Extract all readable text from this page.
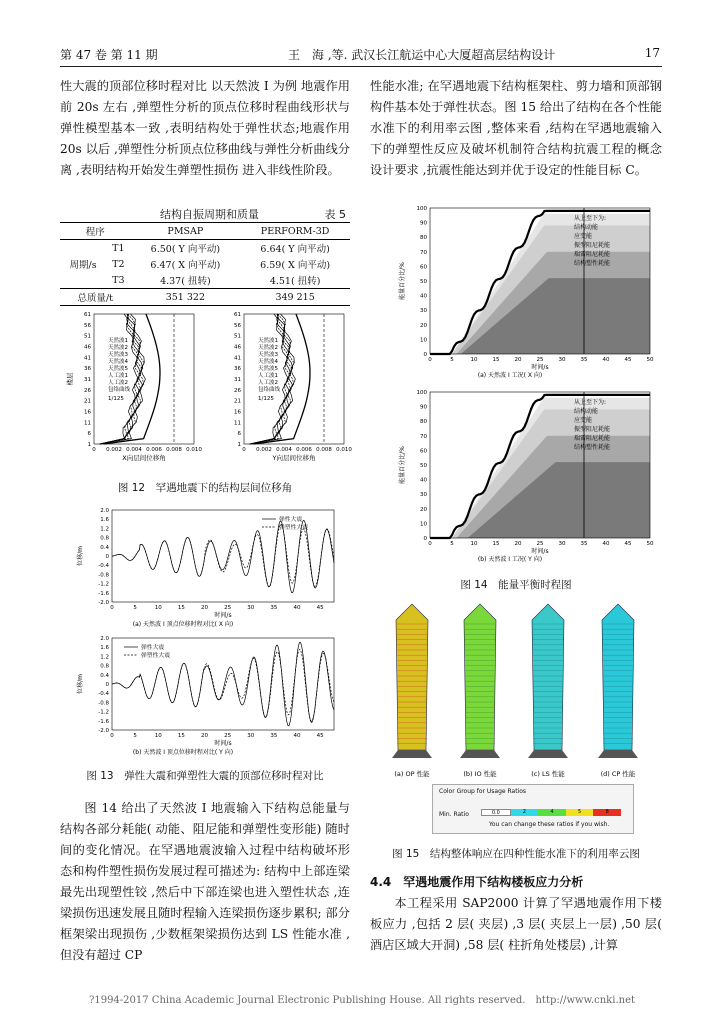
第 47 卷 第 11 期	王　海 ,等. 武汉长江航运中心大厦超高层结构设计	17

性大震的顶部位移时程对比 以天然波 I 为例 地震作用前 20s 左右 ,弹塑性分析的顶点位移时程曲线形状与弹性模型基本一致 ,表明结构处于弹性状态;地震作用 20s 以后 ,弹塑性分析顶点位移曲线与弹性分析曲线分离 ,表明结构开始发生弹塑性损伤 进入非线性阶段。

结构自振周期和质量	表 5
程序		PMSAP	PERFORM-3D
周期/s	T1	6.50( Y 向平动)	6.64( Y 向平动)
	T2	6.47( X 向平动)	6.59( X 向平动)
	T3	4.37( 扭转)	4.51( 扭转)
总质量/t		351 322	349 215
61
56
51
46
41
36
31
26
21
16
11
6
1
0 0.002 0.004 0.006 0.008 0.010
X向层间位移角
楼层
天然波1
天然波2
天然波3
天然波4
天然波5
人工波1
人工波2
包络曲线
1/125
61
56
51
46
41
36
31
26
21
16
11
6
1
0 0.002 0.004 0.006 0.008 0.010
Y向层间位移角
天然波1
天然波2
天然波3
天然波4
天然波5
人工波1
人工波2
包络曲线
1/125
图 12　罕遇地震下的结构层间位移角
2.0
1.6
1.2
0.8
0.4
0
-0.4
-0.8
-1.2
-1.6
-2.0
0	5	10	15	20	25	30	35	40	45
时间/s
位移/m
(a) 天然波 I 顶点位移时程对比( X 向)
弹性大震
弹塑性大震
2.0
1.6
1.2
0.8
0.4
0
-0.4
-0.8
-1.2
-1.6
-2.0
0	5	10	15	20	25	30	35	40	45
时间/s
位移/m
(b) 天然波 I 顶点位移时程对比( Y 向)
弹性大震
弹塑性大震
图 13　弹性大震和弹塑性大震的顶部位移时程对比

图 14 给出了天然波 I 地震输入下结构总能量与结构各部分耗能( 动能、阻尼能和弹塑性变形能) 随时间的变化情况。在罕遇地震波输入过程中结构破坏形态和构件塑性损伤发展过程可描述为: 结构中上部连梁最先出现塑性铰 ,然后中下部连梁也进入塑性状态 ,连梁损伤迅速发展且随时程输入连梁损伤逐步累积; 部分框架梁出现损伤 ,少数框架梁损伤达到 LS 性能水准 ,但没有超过 CP

性能水准; 在罕遇地震下结构框架柱、剪力墙和顶部钢构件基本处于弹性状态。图 15 给出了结构在各个性能水准下的利用率云图 ,整体来看 ,结构在罕遇地震输入下的弹塑性反应及破坏机制符合结构抗震工程的概念设计要求 ,抗震性能达到并优于设定的性能目标 C。

100
90
80
70
60
50
40
30
20
10
0
0	5	10	15	20	25	30	35	40	45	50
时间/s
(a) 天然波 I 工况( X 向)
能量百分比/%
从上至下为:
结构动能
应变能
振型阻尼耗能
瑞雷阻尼耗能
结构塑性耗能
100
90
80
70
60
50
40
30
20
10
0
0	5	10	15	20	25	30	35	40	45	50
时间/s
(b) 天然波 I 工况( Y 向)
能量百分比/%
从上至下为:
结构动能
应变能
振型阻尼耗能
瑞雷阻尼耗能
结构塑性耗能
图 14　能量平衡时程图
(a) OP 性能	(b) IO 性能	(c) LS 性能	(d) CP 性能
Color Group for Usage Ratios
Min. Ratio	0.0	2	4	5	8
You can change these ratios if you wish.
图 15　结构整体响应在四种性能水准下的利用率云图

4.4　罕遇地震作用下结构楼板应力分析

本工程采用 SAP2000 计算了罕遇地震作用下楼板应力 ,包括 2 层( 夹层) ,3 层( 夹层上一层) ,50 层( 酒店区域大开洞) ,58 层( 柱折角处楼层) ,计算

?1994-2017 China Academic Journal Electronic Publishing House. All rights reserved.　http://www.cnki.net
